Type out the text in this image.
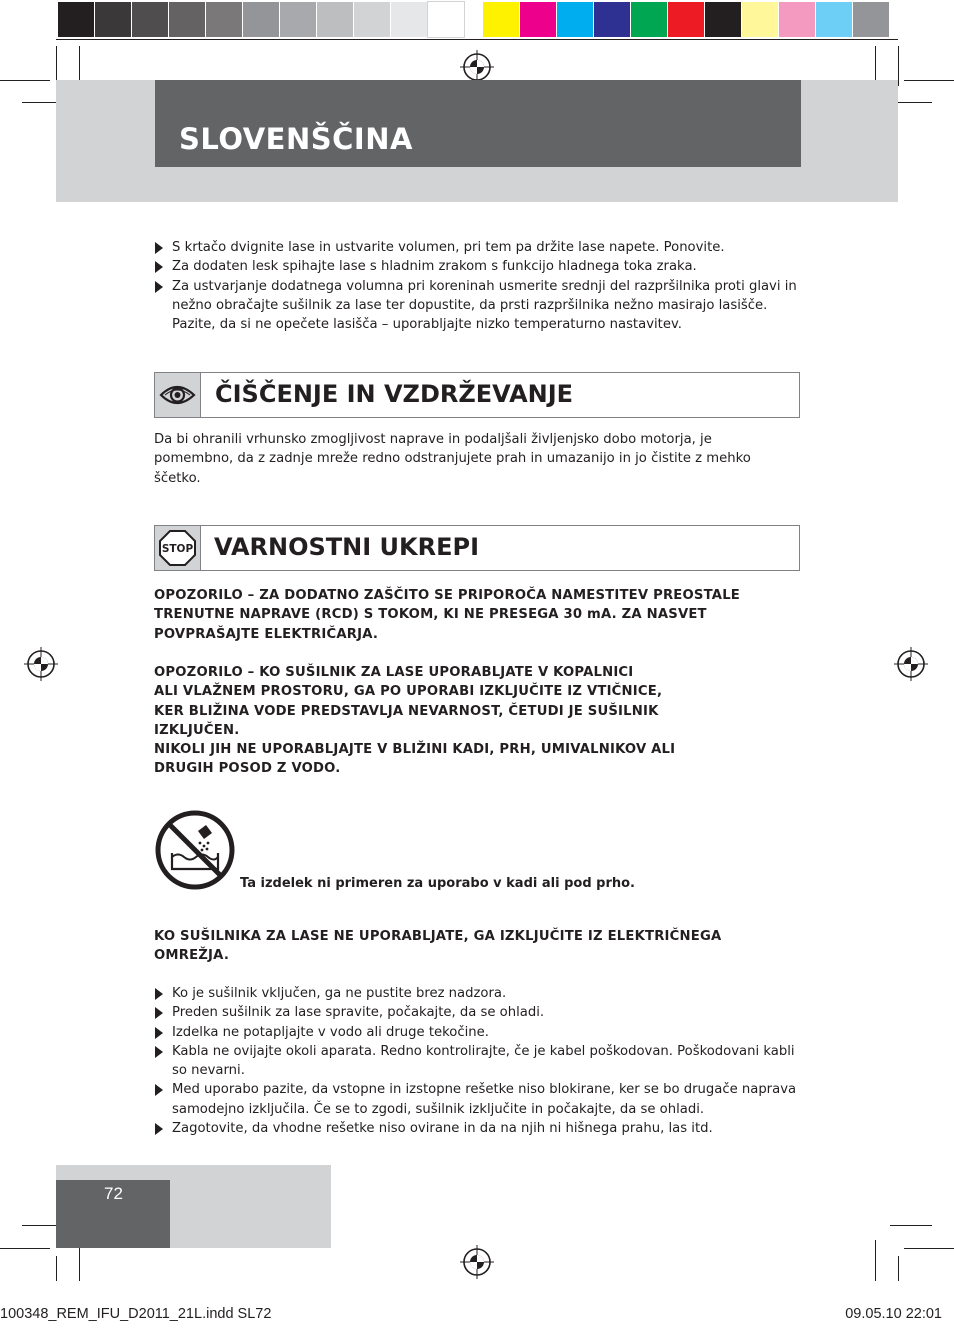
SLOVENŠČINA
S krtačo dvignite lase in ustvarite volumen, pri tem pa držite lase napete. Ponovite.
Za dodaten lesk spihajte lase s hladnim zrakom s funkcijo hladnega toka zraka.
Za ustvarjanje dodatnega volumna pri koreninah usmerite srednji del razpršilnika proti glavi in nežno obračajte sušilnik za lase ter dopustite, da prsti razpršilnika nežno masirajo lasišče. Pazite, da si ne opečete lasišča – uporabljajte nizko temperaturno nastavitev.
ČIŠČENJE IN VZDRŽEVANJE

Da bi ohranili vrhunsko zmogljivost naprave in podaljšali življenjsko dobo motorja, je pomembno, da z zadnje mreže redno odstranjujete prah in umazanijo in jo čistite z mehko ščetko.

STOP VARNOSTNI UKREPI

OPOZORILO – ZA DODATNO ZAŠČITO SE PRIPOROČA NAMESTITEV PREOSTALE TRENUTNE NAPRAVE (RCD) S TOKOM, KI NE PRESEGA 30 mA. ZA NASVET POVPRAŠAJTE ELEKTRIČARJA.

OPOZORILO – KO SUŠILNIK ZA LASE UPORABLJATE V KOPALNICI
ALI VLAŽNEM PROSTORU, GA PO UPORABI IZKLJUČITE IZ VTIČNICE,
KER BLIŽINA VODE PREDSTAVLJA NEVARNOST, ČETUDI JE SUŠILNIK
IZKLJUČEN.
NIKOLI JIH NE UPORABLJAJTE V BLIŽINI KADI, PRH, UMIVALNIKOV ALI
DRUGIH POSOD Z VODO.

Ta izdelek ni primeren za uporabo v kadi ali pod prho.

KO SUŠILNIKA ZA LASE NE UPORABLJATE, GA IZKLJUČITE IZ ELEKTRIČNEGA OMREŽJA.

Ko je sušilnik vključen, ga ne pustite brez nadzora.
Preden sušilnik za lase spravite, počakajte, da se ohladi.
Izdelka ne potapljajte v vodo ali druge tekočine.
Kabla ne ovijajte okoli aparata. Redno kontrolirajte, če je kabel poškodovan. Poškodovani kabli so nevarni.
Med uporabo pazite, da vstopne in izstopne rešetke niso blokirane, ker se bo drugače naprava samodejno izključila. Če se to zgodi, sušilnik izključite in počakajte, da se ohladi.
Zagotovite, da vhodne rešetke niso ovirane in da na njih ni hišnega prahu, las itd.
72
100348_REM_IFU_D2011_21L.indd SL72	09.05.10 22:01
